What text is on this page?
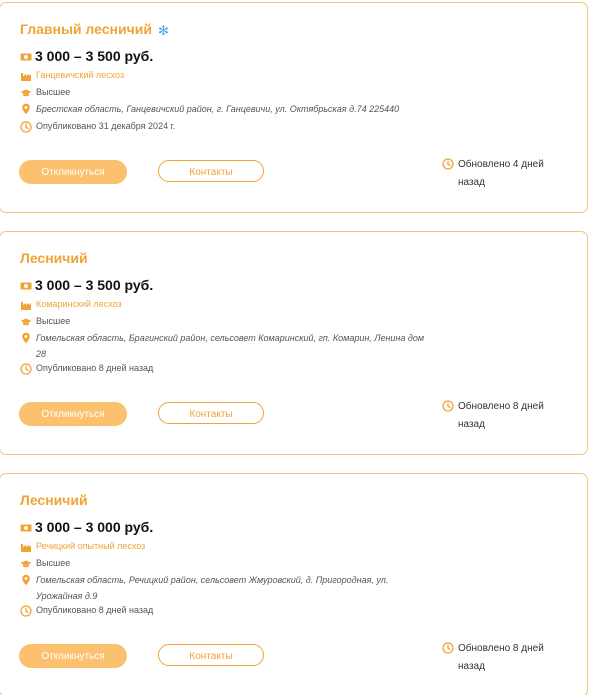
Главный лесничий ✻
3 000 – 3 500 руб.
Ганцевичский лесхоз
Высшее
Брестская область, Ганцевичский район, г. Ганцевичи, ул. Октябрьская д.74 225440
Опубликовано 31 декабря 2024 г.
Откликнуться	Контакты
Обновлено 4 дней назад
Лесничий
3 000 – 3 500 руб.
Комаринский лесхоз
Высшее
Гомельская область, Брагинский район, сельсовет Комаринский, гп. Комарин, Ленина дом 28
Опубликовано 8 дней назад
Откликнуться	Контакты
Обновлено 8 дней назад
Лесничий
3 000 – 3 000 руб.
Речицкий опытный лесхоз
Высшее
Гомельская область, Речицкий район, сельсовет Жмуровский, д. Пригородная, ул. Урожайная д.9
Опубликовано 8 дней назад
Откликнуться	Контакты
Обновлено 8 дней назад
